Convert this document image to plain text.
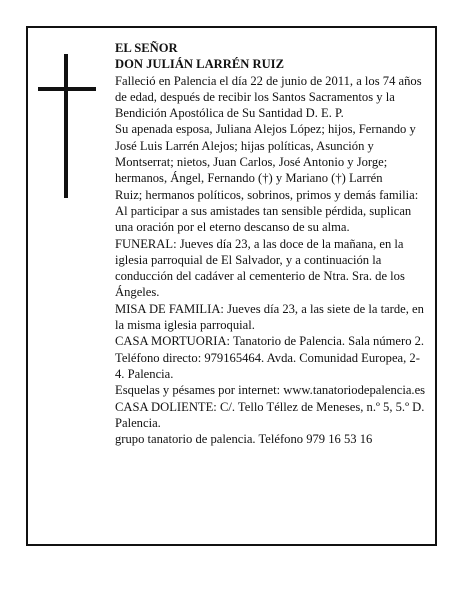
EL SEÑOR

DON JULIÁN LARRÉN RUIZ

Falleció en Palencia el día 22 de junio de 2011, a los 74 años de edad, después de recibir los Santos Sacramentos y la Bendición Apostólica de Su Santidad D. E. P.

Su apenada esposa, Juliana Alejos López; hijos, Fernando y José Luis Larrén Alejos; hijas políticas, Asunción y Montserrat; nietos, Juan Carlos, José Antonio y Jorge; hermanos, Ángel, Fernando (†) y Mariano (†) Larrén

Ruiz; hermanos políticos, sobrinos, primos y demás familia:

Al participar a sus amistades tan sensible pérdida, suplican una oración por el eterno descanso de su alma.

FUNERAL: Jueves día 23, a las doce de la mañana, en la iglesia parroquial de El Salvador, y a continuación la conducción del cadáver al cementerio de Ntra. Sra. de los Ángeles.

MISA DE FAMILIA: Jueves día 23, a las siete de la tarde, en la misma iglesia parroquial.

CASA MORTUORIA: Tanatorio de Palencia. Sala número 2. Teléfono directo: 979165464. Avda. Comunidad Europea, 2-4. Palencia.

Esquelas y pésames por internet: www.tanatoriodepalencia.es

CASA DOLIENTE: C/. Tello Téllez de Meneses, n.º 5, 5.º D. Palencia.

grupo tanatorio de palencia. Teléfono 979 16 53 16
